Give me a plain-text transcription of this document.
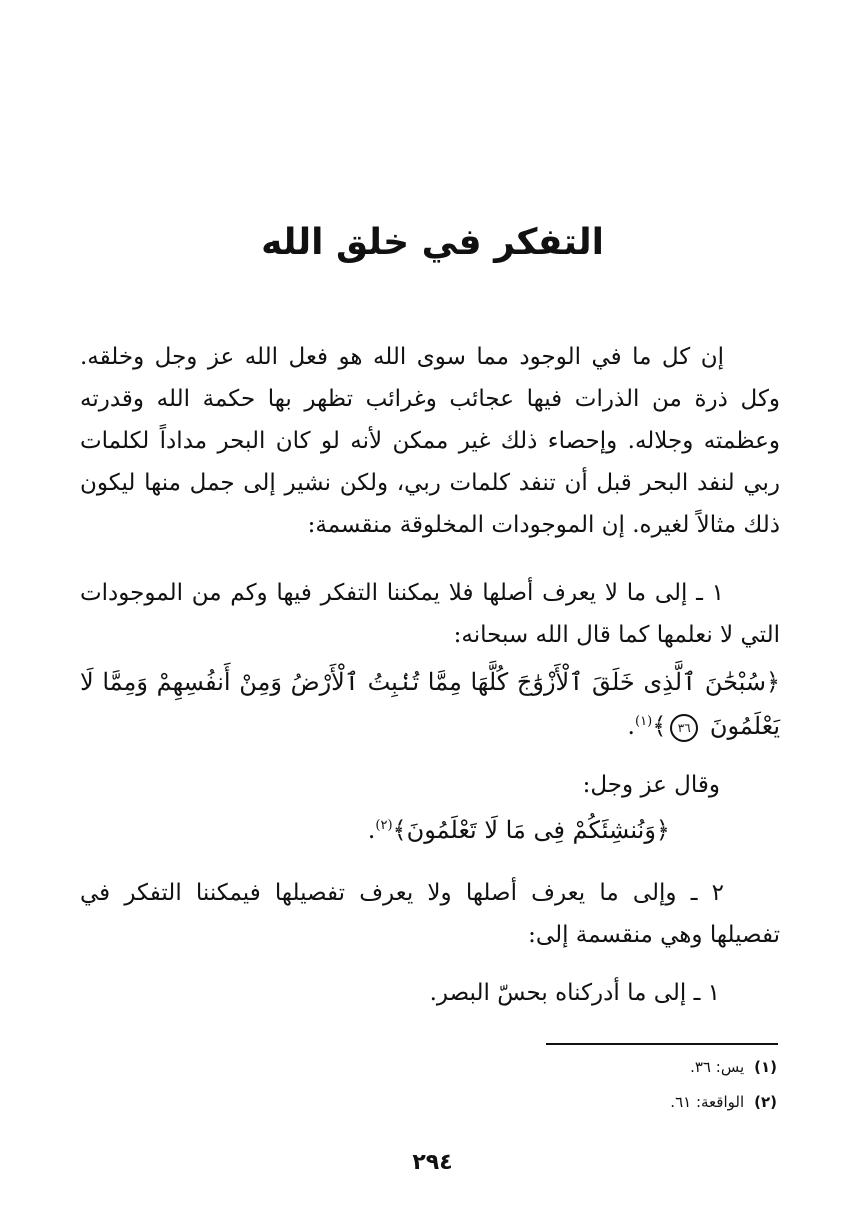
التفكر في خلق الله

إن كل ما في الوجود مما سوى الله هو فعل الله عز وجل وخلقه. وكل ذرة من الذرات فيها عجائب وغرائب تظهر بها حكمة الله وقدرته وعظمته وجلاله. وإحصاء ذلك غير ممكن لأنه لو كان البحر مداداً لكلمات ربي لنفد البحر قبل أن تنفد كلمات ربي، ولكن نشير إلى جمل منها ليكون ذلك مثالاً لغيره. إن الموجودات المخلوقة منقسمة:

١ ـ إلى ما لا يعرف أصلها فلا يمكننا التفكر فيها وكم من الموجودات التي لا نعلمها كما قال الله سبحانه:

﴿سُبْحَٰنَ ٱلَّذِى خَلَقَ ٱلْأَزْوَٰجَ كُلَّهَا مِمَّا تُنۢبِتُ ٱلْأَرْضُ وَمِنْ أَنفُسِهِمْ وَمِمَّا لَا يَعْلَمُونَ ٣٦﴾$^{(١)}$.

وقال عز وجل:

﴿وَنُنشِئَكُمْ فِى مَا لَا تَعْلَمُونَ﴾$^{(٢)}$.

٢ ـ وإلى ما يعرف أصلها ولا يعرف تفصيلها فيمكننا التفكر في تفصيلها وهي منقسمة إلى:

١ ـ إلى ما أدركناه بحسّ البصر.

(١)يس: ٣٦.

(٢)الواقعة: ٦١.

٢٩٤
